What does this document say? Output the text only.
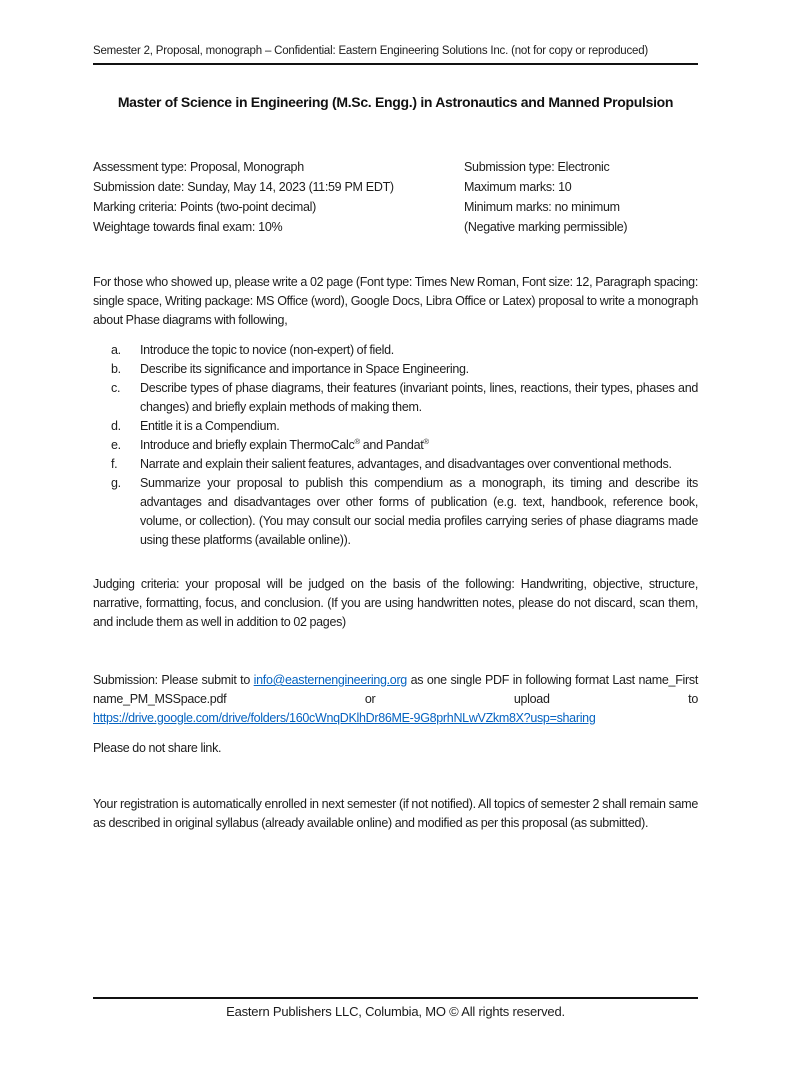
Semester 2, Proposal, monograph – Confidential: Eastern Engineering Solutions Inc. (not for copy or reproduced)
Master of Science in Engineering (M.Sc. Engg.) in Astronautics and Manned Propulsion
Assessment type: Proposal, Monograph
Submission date: Sunday, May 14, 2023 (11:59 PM EDT)
Marking criteria: Points (two-point decimal)
Weightage towards final exam: 10%
Submission type: Electronic
Maximum marks: 10
Minimum marks: no minimum
(Negative marking permissible)

For those who showed up, please write a 02 page (Font type: Times New Roman, Font size: 12, Paragraph spacing: single space, Writing package: MS Office (word), Google Docs, Libra Office or Latex) proposal to write a monograph about Phase diagrams with following,

a.	Introduce the topic to novice (non-expert) of field.
b.	Describe its significance and importance in Space Engineering.
c.	Describe types of phase diagrams, their features (invariant points, lines, reactions, their types, phases and changes) and briefly explain methods of making them.
d.	Entitle it is a Compendium.
e.	Introduce and briefly explain ThermoCalc® and Pandat®
f.	Narrate and explain their salient features, advantages, and disadvantages over conventional methods.
g.	Summarize your proposal to publish this compendium as a monograph, its timing and describe its advantages and disadvantages over other forms of publication (e.g. text, handbook, reference book, volume, or collection). (You may consult our social media profiles carrying series of phase diagrams made using these platforms (available online)).

Judging criteria: your proposal will be judged on the basis of the following: Handwriting, objective, structure, narrative, formatting, focus, and conclusion. (If you are using handwritten notes, please do not discard, scan them, and include them as well in addition to 02 pages)

Submission: Please submit to info@easternengineering.org as one single PDF in following format Last name_First name_PM_MSSpace.pdf or upload to https://drive.google.com/drive/folders/160cWnqDKlhDr86ME-9G8prhNLwVZkm8X?usp=sharing

Please do not share link.

Your registration is automatically enrolled in next semester (if not notified). All topics of semester 2 shall remain same as described in original syllabus (already available online) and modified as per this proposal (as submitted).

Eastern Publishers LLC, Columbia, MO © All rights reserved.
